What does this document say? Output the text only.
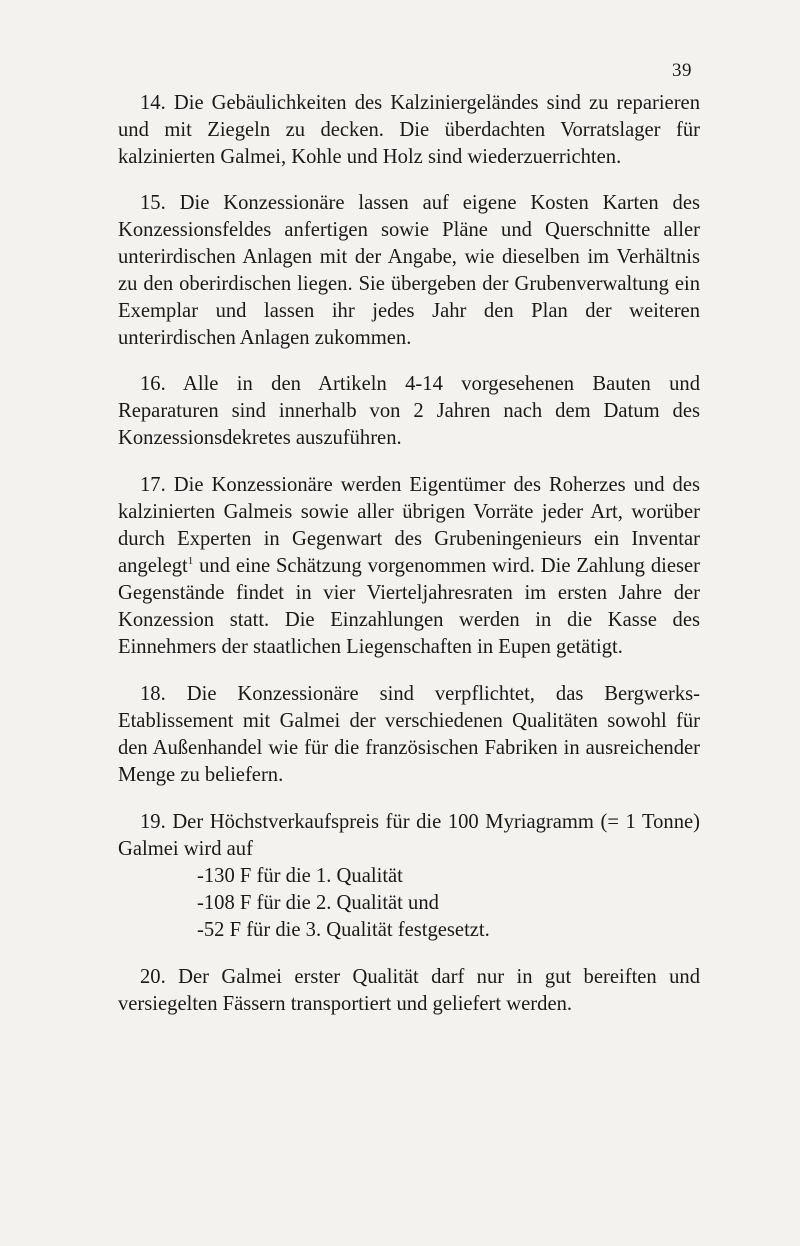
39

14. Die Gebäulichkeiten des Kalziniergeländes sind zu reparieren und mit Ziegeln zu decken. Die überdachten Vorratslager für kalzinierten Galmei, Kohle und Holz sind wiederzuerrichten.

15. Die Konzessionäre lassen auf eigene Kosten Karten des Konzessionsfeldes anfertigen sowie Pläne und Querschnitte aller unterirdischen Anlagen mit der Angabe, wie dieselben im Verhältnis zu den oberirdischen liegen. Sie übergeben der Grubenverwaltung ein Exemplar und lassen ihr jedes Jahr den Plan der weiteren unterirdischen Anlagen zukommen.

16. Alle in den Artikeln 4-14 vorgesehenen Bauten und Reparaturen sind innerhalb von 2 Jahren nach dem Datum des Konzessionsdekretes auszuführen.

17. Die Konzessionäre werden Eigentümer des Roherzes und des kalzinierten Galmeis sowie aller übrigen Vorräte jeder Art, worüber durch Experten in Gegenwart des Grubeningenieurs ein Inventar angelegt$^1$ und eine Schätzung vorgenommen wird. Die Zahlung dieser Gegenstände findet in vier Vierteljahresraten im ersten Jahre der Konzession statt. Die Einzahlungen werden in die Kasse des Einnehmers der staatlichen Liegenschaften in Eupen getätigt.

18. Die Konzessionäre sind verpflichtet, das Bergwerks-Etablissement mit Galmei der verschiedenen Qualitäten sowohl für den Außenhandel wie für die französischen Fabriken in ausreichender Menge zu beliefern.

19. Der Höchstverkaufspreis für die 100 Myriagramm (= 1 Tonne) Galmei wird auf
-130 F für die 1. Qualität
-108 F für die 2. Qualität und
-52 F für die 3. Qualität festgesetzt.

20. Der Galmei erster Qualität darf nur in gut bereiften und versiegelten Fässern transportiert und geliefert werden.
